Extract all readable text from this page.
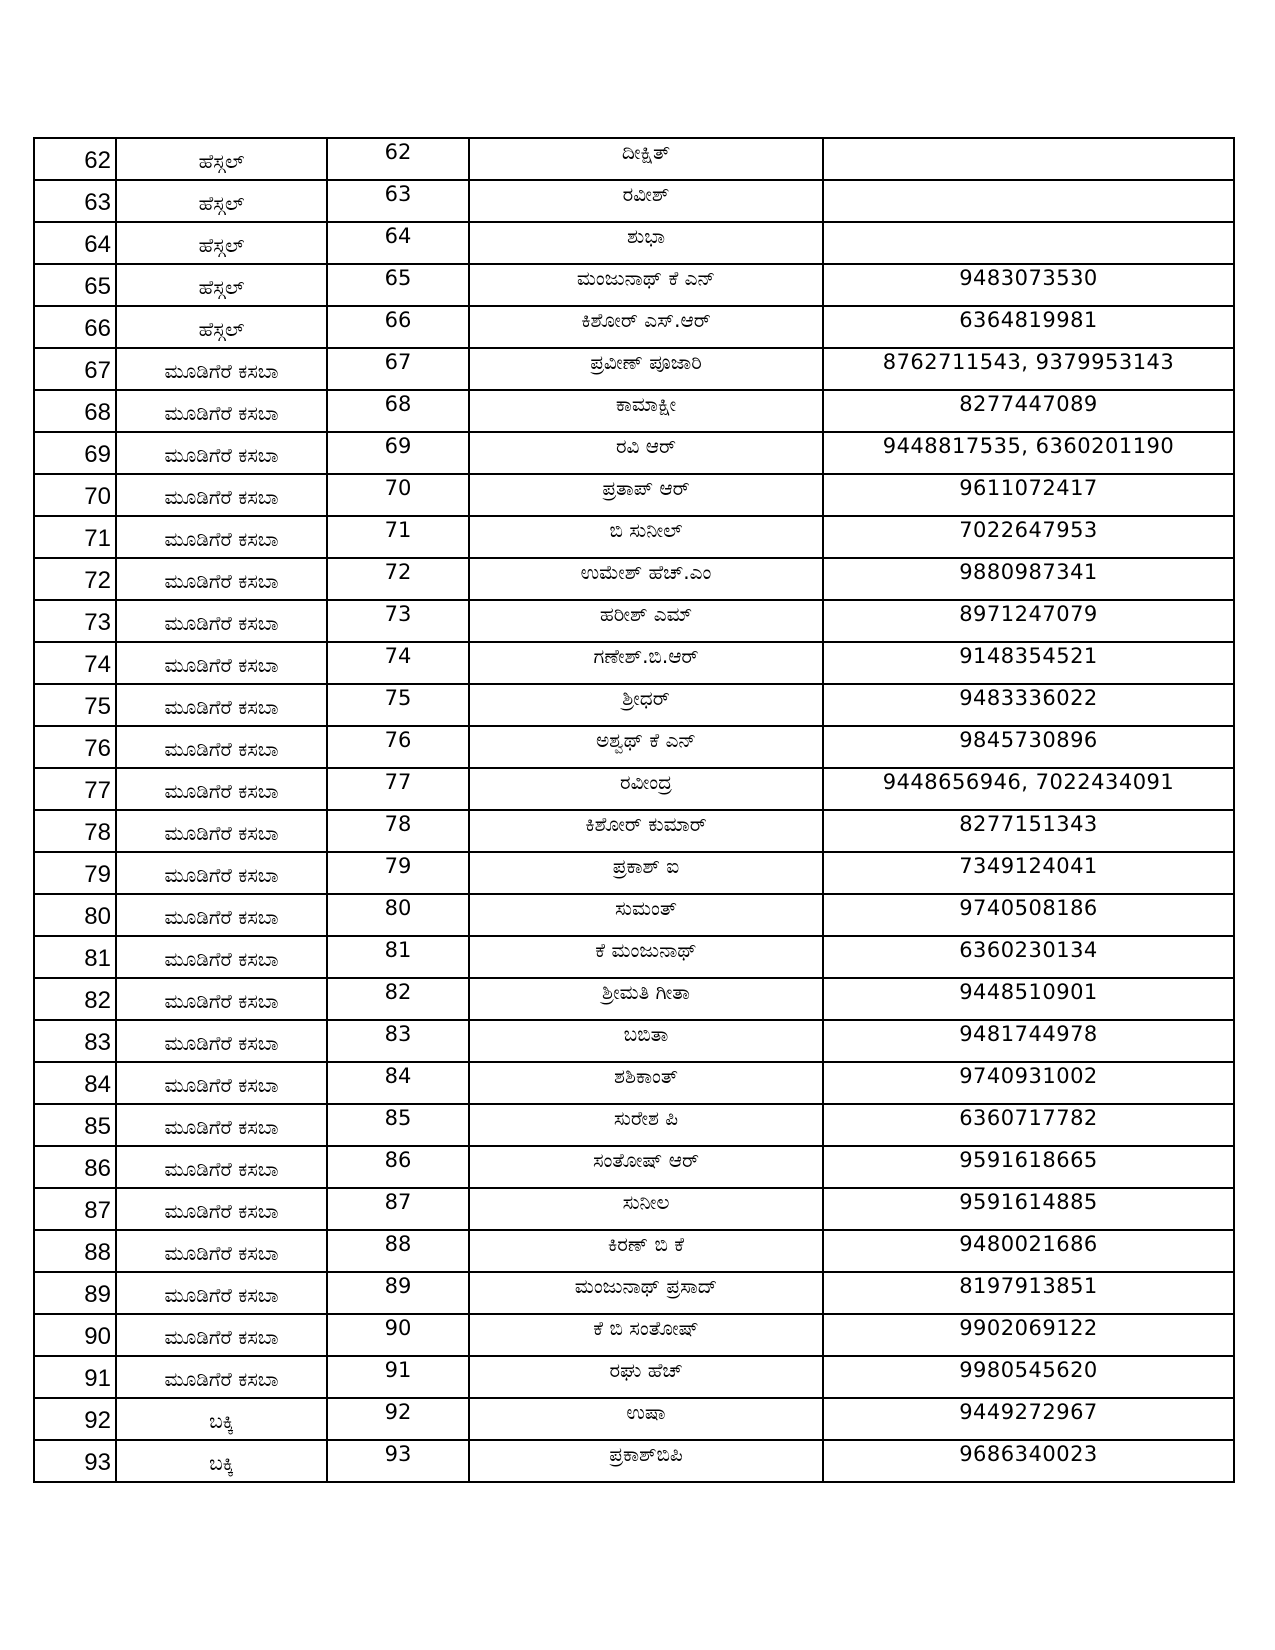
62	ಹೆಸ್ಗಲ್	62	ದೀಕ್ಷಿತ್	
63	ಹೆಸ್ಗಲ್	63	ರವೀಶ್	
64	ಹೆಸ್ಗಲ್	64	ಶುಭಾ	
65	ಹೆಸ್ಗಲ್	65	ಮಂಜುನಾಥ್ ಕೆ ಎನ್	9483073530
66	ಹೆಸ್ಗಲ್	66	ಕಿಶೋರ್ ಎಸ್.ಆರ್	6364819981
67	ಮೂಡಿಗೆರೆ ಕಸಬಾ	67	ಪ್ರವೀಣ್ ಪೂಜಾರಿ	8762711543, 9379953143
68	ಮೂಡಿಗೆರೆ ಕಸಬಾ	68	ಕಾಮಾಕ್ಷೀ	8277447089
69	ಮೂಡಿಗೆರೆ ಕಸಬಾ	69	ರವಿ ಆರ್	9448817535, 6360201190
70	ಮೂಡಿಗೆರೆ ಕಸಬಾ	70	ಪ್ರತಾಪ್ ಆರ್	9611072417
71	ಮೂಡಿಗೆರೆ ಕಸಬಾ	71	ಬಿ ಸುನೀಲ್	7022647953
72	ಮೂಡಿಗೆರೆ ಕಸಬಾ	72	ಉಮೇಶ್ ಹೆಚ್.ಎಂ	9880987341
73	ಮೂಡಿಗೆರೆ ಕಸಬಾ	73	ಹರೀಶ್ ಎಮ್	8971247079
74	ಮೂಡಿಗೆರೆ ಕಸಬಾ	74	ಗಣೇಶ್.ಬಿ.ಆರ್	9148354521
75	ಮೂಡಿಗೆರೆ ಕಸಬಾ	75	ಶ್ರೀಧರ್	9483336022
76	ಮೂಡಿಗೆರೆ ಕಸಬಾ	76	ಅಶ್ವಥ್ ಕೆ ಎನ್	9845730896
77	ಮೂಡಿಗೆರೆ ಕಸಬಾ	77	ರವೀಂದ್ರ	9448656946, 7022434091
78	ಮೂಡಿಗೆರೆ ಕಸಬಾ	78	ಕಿಶೋರ್ ಕುಮಾರ್	8277151343
79	ಮೂಡಿಗೆರೆ ಕಸಬಾ	79	ಪ್ರಕಾಶ್ ಐ	7349124041
80	ಮೂಡಿಗೆರೆ ಕಸಬಾ	80	ಸುಮಂತ್	9740508186
81	ಮೂಡಿಗೆರೆ ಕಸಬಾ	81	ಕೆ ಮಂಜುನಾಥ್	6360230134
82	ಮೂಡಿಗೆರೆ ಕಸಬಾ	82	ಶ್ರೀಮತಿ ಗೀತಾ	9448510901
83	ಮೂಡಿಗೆರೆ ಕಸಬಾ	83	ಬಬಿತಾ	9481744978
84	ಮೂಡಿಗೆರೆ ಕಸಬಾ	84	ಶಶಿಕಾಂತ್	9740931002
85	ಮೂಡಿಗೆರೆ ಕಸಬಾ	85	ಸುರೇಶ ಪಿ	6360717782
86	ಮೂಡಿಗೆರೆ ಕಸಬಾ	86	ಸಂತೋಷ್ ಆರ್	9591618665
87	ಮೂಡಿಗೆರೆ ಕಸಬಾ	87	ಸುನೀಲ	9591614885
88	ಮೂಡಿಗೆರೆ ಕಸಬಾ	88	ಕಿರಣ್ ಬಿ ಕೆ	9480021686
89	ಮೂಡಿಗೆರೆ ಕಸಬಾ	89	ಮಂಜುನಾಥ್ ಪ್ರಸಾದ್	8197913851
90	ಮೂಡಿಗೆರೆ ಕಸಬಾ	90	ಕೆ ಬಿ ಸಂತೋಷ್	9902069122
91	ಮೂಡಿಗೆರೆ ಕಸಬಾ	91	ರಘು ಹೆಚ್	9980545620
92	ಬಕ್ಕಿ	92	ಉಷಾ	9449272967
93	ಬಕ್ಕಿ	93	ಪ್ರಕಾಶ್‌ಬಿಪಿ	9686340023
